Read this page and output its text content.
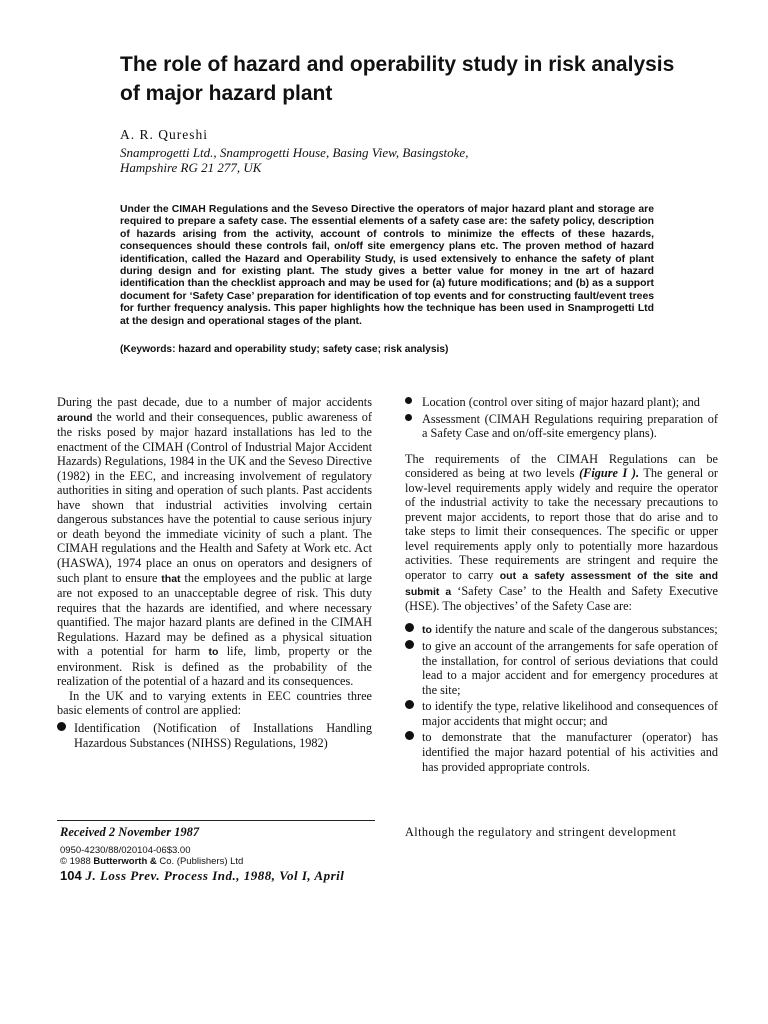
The role of hazard and operability study in risk analysis of major hazard plant
A. R. Qureshi
Snamprogetti Ltd., Snamprogetti House, Basing View, Basingstoke,
Hampshire RG 21 277, UK

Under the CIMAH Regulations and the Seveso Directive the operators of major hazard plant and storage are required to prepare a safety case. The essential elements of a safety case are: the safety policy, description of hazards arising from the activity, account of controls to minimize the effects of these hazards, consequences should these controls fail, on/off site emergency plans etc. The proven method of hazard identification, called the Hazard and Operability Study, is used extensively to enhance the safety of plant during design and for existing plant. The study gives a better value for money in tne art of hazard identification than the checklist approach and may be used for (a) future modifications; and (b) as a support document for ‘Safety Case’ preparation for identification of top events and for constructing fault/event trees for further frequency analysis. This paper highlights how the technique has been used in Snamprogetti Ltd at the design and operational stages of the plant.

(Keywords: hazard and operability study; safety case; risk analysis)

During the past decade, due to a number of major accidents around the world and their consequences, public awareness of the risks posed by major hazard installations has led to the enactment of the CIMAH (Control of Industrial Major Accident Hazards) Regulations, 1984 in the UK and the Seveso Directive (1982) in the EEC, and increasing involvement of regulatory authorities in siting and operation of such plants. Past accidents have shown that industrial activities involving certain dangerous substances have the potential to cause serious injury or death beyond the immediate vicinity of such a plant. The CIMAH regulations and the Health and Safety at Work etc. Act (HASWA), 1974 place an onus on operators and designers of such plant to ensure that the employees and the public at large are not exposed to an unacceptable degree of risk. This duty requires that the hazards are identified, and where necessary quantified. The major hazard plants are defined in the CIMAH Regulations. Hazard may be defined as a physical situation with a potential for harm to life, limb, property or the environment. Risk is defined as the probability of the realization of the potential of a hazard and its consequences.

In the UK and to varying extents in EEC countries three basic elements of control are applied:

Identification (Notification of Installations Handling Hazardous Substances (NIHSS) Regulations, 1982)
Location (control over siting of major hazard plant); and
Assessment (CIMAH Regulations requiring preparation of a Safety Case and on/off-site emergency plans).

The requirements of the CIMAH Regulations can be considered as being at two levels (Figure I ). The general or low-level requirements apply widely and require the operator of the industrial activity to take the necessary precautions to prevent major accidents, to report those that do arise and to take steps to limit their consequences. The specific or upper level requirements apply only to potentially more hazardous activities. These requirements are stringent and require the operator to carry out a safety assessment of the site and submit a ‘Safety Case’ to the Health and Safety Executive (HSE). The objectives’ of the Safety Case are:

to identify the nature and scale of the dangerous substances;
to give an account of the arrangements for safe operation of the installation, for control of serious deviations that could lead to a major accident and for emergency procedures at the site;
to identify the type, relative likelihood and consequences of major accidents that might occur; and
to demonstrate that the manufacturer (operator) has identified the major hazard potential of his activities and has provided appropriate controls.
Received 2 November 1987
0950-4230/88/020104-06$3.00
© 1988 Butterworth & Co. (Publishers) Ltd
104 J. Loss Prev. Process Ind., 1988, Vol I, April
Although the regulatory and stringent development
